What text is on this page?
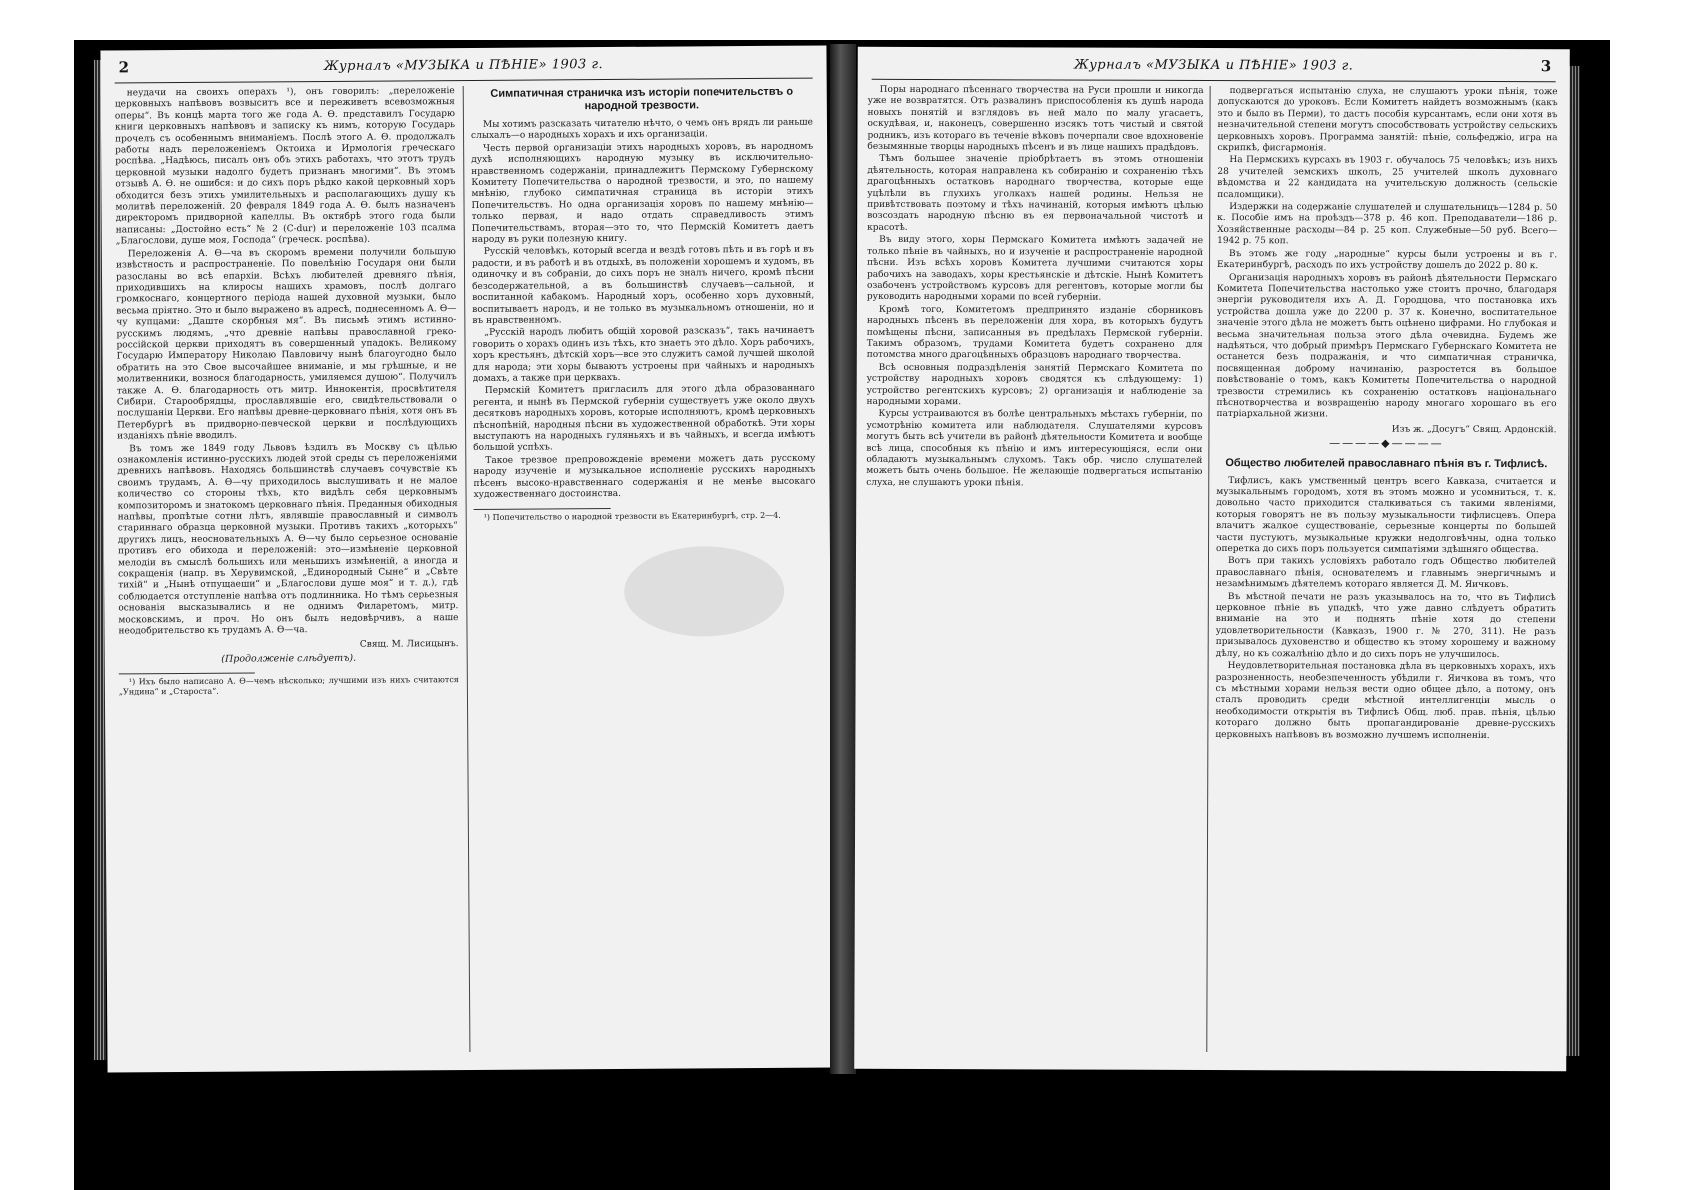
2	Журналъ «МУЗЫКА и ПѢНІЕ» 1903 г.

неудачи на своихъ операхъ ¹), онъ говорилъ: „переложеніе церковныхъ напѣвовъ возвыситъ все и переживетъ всевозможныя оперы“. Въ концѣ марта того же года А. Ѳ. представилъ Государю книги церковныхъ напѣвовъ и записку къ нимъ, которую Государь прочелъ съ особеннымъ вниманіемъ. Послѣ этого А. Ѳ. продолжалъ работы надъ переложеніемъ Октоиха и Ирмологія греческаго роспѣва. „Надѣюсь, писалъ онъ объ этихъ работахъ, что этотъ трудъ церковной музыки надолго будетъ признанъ многими“. Въ этомъ отзывѣ А. Ѳ. не ошибся: и до сихъ поръ рѣдко какой церковный хоръ обходится безъ этихъ умилительныхъ и располагающихъ душу къ молитвѣ переложеній. 20 февраля 1849 года А. Ѳ. былъ назначенъ директоромъ придворной капеллы. Въ октябрѣ этого года были написаны: „Достойно есть“ № 2 (С-dur) и переложеніе 103 псалма „Благослови, душе моя, Господа“ (греческ. роспѣва).

Переложенія А. Ѳ—ча въ скоромъ времени получили большую извѣстность и распространеніе. По повелѣнію Государя они были разосланы во всѣ епархіи. Всѣхъ любителей древняго пѣнія, приходившихъ на клиросы нашихъ храмовъ, послѣ долгаго громкоснаго, концертного періода нашей духовной музыки, было весьма пріятно. Это и было выражено въ адресѣ, поднесенномъ А. Ѳ—чу купцами: „Даште скорбныя мя“. Въ письмѣ этимъ истинно-русскимъ людямъ, „что древніе напѣвы православной греко-россійской церкви приходятъ въ совершенный упадокъ. Великому Государю Императору Николаю Павловичу нынѣ благоугодно было обратить на это Свое высочайшее вниманіе, и мы грѣшные, и не молитвенники, вознося благодарность, умиляемся душою“. Получилъ также А. Ѳ. благодарность отъ митр. Иннокентія, просвѣтителя Сибири. Старообрядцы, прославлявшіе его, свидѣтельствовали о послушаніи Церкви. Его напѣвы древне-церковнаго пѣнія, хотя онъ въ Петербургѣ въ придворно-певческой церкви и послѣдующихъ изданіяхъ пѣніе вводилъ.

Въ томъ же 1849 году Львовъ ѣздилъ въ Москву съ цѣлью ознакомленія истинно-русскихъ людей этой среды съ переложеніями древнихъ напѣвовъ. Находясь большинствѣ случаевъ сочувствіе къ своимъ трудамъ, А. Ѳ—чу приходилось выслушивать и не малое количество со стороны тѣхъ, кто видѣлъ себя церковнымъ композиторомъ и знатокомъ церковнаго пѣнія. Преданныя обиходныя напѣвы, пропѣтые сотни лѣтъ, являвшіе православный и символъ стариннаго образца церковной музыки. Противъ такихъ „которыхъ“ другихъ лицъ, неосновательныхъ А. Ѳ—чу было серьезное основаніе противъ его обихода и переложеній: это—измѣненіе церковной мелодіи въ смыслѣ большихъ или меньшихъ измѣненій, а иногда и сокращенія (напр. въ Херувимской, „Единородный Сыне“ и „Свѣте тихій“ и „Нынѣ отпущаеши“ и „Благослови душе моя“ и т. д.), гдѣ соблюдается отступленіе напѣва отъ подлинника. Но тѣмъ серьезныя основанія высказывались и не однимъ Филаретомъ, митр. московскимъ, и проч. Но онъ былъ недовѣрчивъ, а наше неодобрительство къ трудамъ А. Ѳ—ча.

Свящ. М. Лисицынъ.
(Продолженіе слѣдуетъ).

¹) Ихъ было написано А. Ѳ—чемъ нѣсколько; лучшими изъ нихъ считаются „Ундина“ и „Староста“.

Симпатичная страничка изъ исторіи попечительствъ о народной трезвости.

Мы хотимъ разсказать читателю нѣчто, о чемъ онъ врядъ ли раньше слыхалъ—о народныхъ хорахъ и ихъ организаціи.

Честь первой организаціи этихъ народныхъ хоровъ, въ народномъ духѣ исполняющихъ народную музыку въ исключительно-нравственномъ содержаніи, принадлежитъ Пермскому Губернскому Комитету Попечительства о народной трезвости, и это, по нашему мнѣнію, глубоко симпатичная страница въ исторіи этихъ Попечительствъ. Но одна организація хоровъ по нашему мнѣнію—только первая, и надо отдать справедливость этимъ Попечительствамъ, вторая—это то, что Пермскій Комитетъ даетъ народу въ руки полезную книгу.

Русскій человѣкъ, который всегда и вездѣ готовъ пѣть и въ горѣ и въ радости, и въ работѣ и въ отдыхѣ, въ положеніи хорошемъ и худомъ, въ одиночку и въ собраніи, до сихъ поръ не зналъ ничего, кромѣ пѣсни безсодержательной, а въ большинствѣ случаевъ—сальной, и воспитанной кабакомъ. Народный хоръ, особенно хоръ духовный, воспитываетъ народъ, и не только въ музыкальномъ отношеніи, но и въ нравственномъ.

„Русскій народъ любитъ общій хоровой разсказъ“, такъ начинаетъ говорить о хорахъ одинъ изъ тѣхъ, кто знаетъ это дѣло. Хоръ рабочихъ, хоръ крестьянъ, дѣтскій хоръ—все это служитъ самой лучшей школой для народа; эти хоры бываютъ устроены при чайныхъ и народныхъ домахъ, а также при церквахъ.

Пермскій Комитетъ пригласилъ для этого дѣла образованнаго регента, и нынѣ въ Пермской губерніи существуетъ уже около двухъ десятковъ народныхъ хоровъ, которые исполняютъ, кромѣ церковныхъ пѣснопѣній, народныя пѣсни въ художественной обработкѣ. Эти хоры выступаютъ на народныхъ гуляньяхъ и въ чайныхъ, и всегда имѣютъ большой успѣхъ.

Такое трезвое препровожденіе времени можетъ дать русскому народу изученіе и музыкальное исполненіе русскихъ народныхъ пѣсенъ высоко-нравственнаго содержанія и не менѣе высокаго художественнаго достоинства.

¹) Попечительство о народной трезвости въ Екатеринбургѣ, стр. 2—4.

Журналъ «МУЗЫКА и ПѢНІЕ» 1903 г.	3

Поры народнаго пѣсеннаго творчества на Руси прошли и никогда уже не возвратятся. Отъ развалинъ приспособленія къ душѣ народа новыхъ понятій и взглядовъ въ ней мало по малу угасаетъ, оскудѣвая, и, наконецъ, совершенно изсякъ тотъ чистый и святой родникъ, изъ котораго въ теченіе вѣковъ почерпали свое вдохновеніе безымянные творцы народныхъ пѣсенъ и въ лице нашихъ прадѣдовъ.

Тѣмъ большее значеніе пріобрѣтаетъ въ этомъ отношеніи дѣятельность, которая направлена къ собиранію и сохраненію тѣхъ драгоцѣнныхъ остатковъ народнаго творчества, которые еще уцѣлѣли въ глухихъ уголкахъ нашей родины. Нельзя не привѣтствовать поэтому и тѣхъ начинаній, которыя имѣютъ цѣлью возсоздать народную пѣсню въ ея первоначальной чистотѣ и красотѣ.

Въ виду этого, хоры Пермскаго Комитета имѣютъ задачей не только пѣніе въ чайныхъ, но и изученіе и распространеніе народной пѣсни. Изъ всѣхъ хоровъ Комитета лучшими считаются хоры рабочихъ на заводахъ, хоры крестьянскіе и дѣтскіе. Нынѣ Комитетъ озабоченъ устройствомъ курсовъ для регентовъ, которые могли бы руководить народными хорами по всей губерніи.

Кромѣ того, Комитетомъ предпринято изданіе сборниковъ народныхъ пѣсенъ въ переложеніи для хора, въ которыхъ будутъ помѣщены пѣсни, записанныя въ предѣлахъ Пермской губерніи. Такимъ образомъ, трудами Комитета будетъ сохранено для потомства много драгоцѣнныхъ образцовъ народнаго творчества.

Всѣ основныя подраздѣленія занятій Пермскаго Комитета по устройству народныхъ хоровъ сводятся къ слѣдующему: 1) устройство регентскихъ курсовъ; 2) организація и наблюденіе за народными хорами.

Курсы устраиваются въ болѣе центральныхъ мѣстахъ губерніи, по усмотрѣнію комитета или наблюдателя. Слушателями курсовъ могутъ быть всѣ учители въ районѣ дѣятельности Комитета и вообще всѣ лица, способныя къ пѣнію и имъ интересующіяся, если они обладаютъ музыкальнымъ слухомъ. Такъ обр. число слушателей можетъ быть очень большое. Не желающіе подвергаться испытанію слуха, не слушаютъ уроки пѣнія.

подвергаться испытанію слуха, не слушаютъ уроки пѣнія, тоже допускаются до уроковъ. Если Комитетъ найдетъ возможнымъ (какъ это и было въ Перми), то дастъ пособія курсантамъ, если они хотя въ незначительной степени могутъ способствовать устройству сельскихъ церковныхъ хоровъ. Программа занятій: пѣніе, сольфеджіо, игра на скрипкѣ, фисгармонія.

На Пермскихъ курсахъ въ 1903 г. обучалось 75 человѣкъ; изъ нихъ 28 учителей земскихъ школъ, 25 учителей школъ духовнаго вѣдомства и 22 кандидата на учительскую должность (сельскіе псаломщики).

Издержки на содержаніе слушателей и слушательницъ—1284 р. 50 к. Пособіе имъ на проѣздъ—378 р. 46 коп. Преподаватели—186 р. Хозяйственные расходы—84 р. 25 коп. Служебные—50 руб. Всего—1942 р. 75 коп.

Въ этомъ же году „народные“ курсы были устроены и въ г. Екатеринбургѣ, расходъ по ихъ устройству дошелъ до 2022 р. 80 к.

Организація народныхъ хоровъ въ районѣ дѣятельности Пермскаго Комитета Попечительства настолько уже стоитъ прочно, благодаря энергіи руководителя ихъ А. Д. Городцова, что постановка ихъ устройства дошла уже до 2200 р. 37 к. Конечно, воспитательное значеніе этого дѣла не можетъ быть оцѣнено цифрами. Но глубокая и весьма значительная польза этого дѣла очевидна. Будемъ же надѣяться, что добрый примѣръ Пермскаго Губернскаго Комитета не останется безъ подражанія, и что симпатичная страничка, посвященная доброму начинанію, разростется въ большое повѣствованіе о томъ, какъ Комитеты Попечительства о народной трезвости стремились къ сохраненію остатковъ національнаго пѣснотворчества и возвращенію народу многаго хорошаго въ его патріархальной жизни.

Изъ ж. „Досугъ“ Свящ. Ардонскій.
————◆————
Общество любителей православнаго пѣнія въ г. Тифлисѣ.

Тифлисъ, какъ умственный центръ всего Кавказа, считается и музыкальнымъ городомъ, хотя въ этомъ можно и усомниться, т. к. довольно часто приходится сталкиваться съ такими явленіями, которыя говорятъ не въ пользу музыкальности тифлисцевъ. Опера влачитъ жалкое существованіе, серьезные концерты по большей части пустуютъ, музыкальные кружки недолговѣчны, одна только оперетка до сихъ поръ пользуется симпатіями здѣшняго общества.

Вотъ при такихъ условіяхъ работало годъ Общество любителей православнаго пѣнія, основателемъ и главнымъ энергичнымъ и незамѣнимымъ дѣятелемъ котораго является Д. М. Яичковъ.

Въ мѣстной печати не разъ указывалось на то, что въ Тифлисѣ церковное пѣніе въ упадкѣ, что уже давно слѣдуетъ обратить вниманіе на это и поднять пѣніе хотя до степени удовлетворительности (Кавказъ, 1900 г. № 270, 311). Не разъ призывалось духовенство и общество къ этому хорошему и важному дѣлу, но къ сожалѣнію дѣло и до сихъ поръ не улучшилось.

Неудовлетворительная постановка дѣла въ церковныхъ хорахъ, ихъ разрозненность, необезпеченность убѣдили г. Яичкова въ томъ, что съ мѣстными хорами нельзя вести одно общее дѣло, а потому, онъ сталъ проводить среди мѣстной интеллигенціи мысль о необходимости открытія въ Тифлисѣ Общ. люб. прав. пѣнія, цѣлью котораго должно быть пропагандированіе древне-русскихъ церковныхъ напѣвовъ въ возможно лучшемъ исполненіи.
